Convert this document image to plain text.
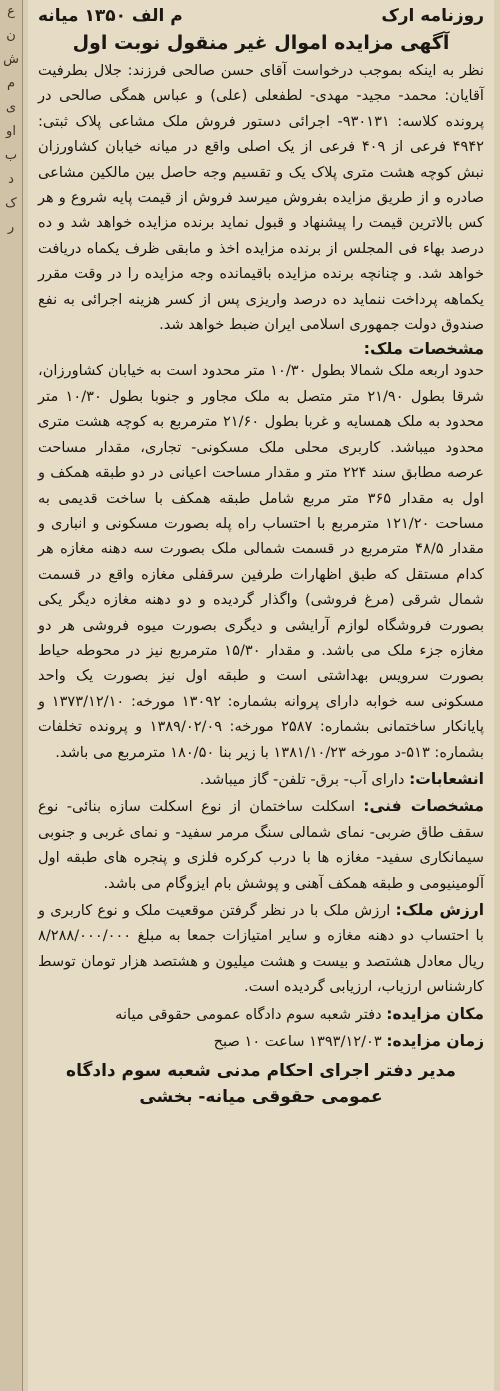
ع
ن
ش
م
ی
او
ب
د
ک
ر
روزنامه ارک
م الف ۱۳۵۰ میانه
آگهی مزایده اموال غیر منقول نوبت اول

نظر به اینکه بموجب درخواست آقای حسن صالحی فرزند: جلال بطرفیت آقایان: محمد- مجید- مهدی- لطفعلی (علی) و عباس همگی صالحی در پرونده کلاسه: ۹۳۰۱۳۱- اجرائی دستور فروش ملک مشاعی پلاک ثبتی: ۴۹۴۲ فرعی از ۴۰۹ فرعی از یک اصلی واقع در میانه خیابان کشاورزان نبش کوچه هشت متری پلاک یک و تقسیم وجه حاصل بین مالکین مشاعی صادره و از طریق مزایده بفروش میرسد فروش از قیمت پایه شروع و هر کس بالاترین قیمت را پیشنهاد و قبول نماید برنده مزایده خواهد شد و ده درصد بهاء فی المجلس از برنده مزایده اخذ و مابقی ظرف یکماه دریافت خواهد شد. و چنانچه برنده مزایده باقیمانده وجه مزایده را در وقت مقرر یکماهه پرداخت ننماید ده درصد واریزی پس از کسر هزینه اجرائی به نفع صندوق دولت جمهوری اسلامی ایران ضبط خواهد شد.

مشخصات ملک:

حدود اربعه ملک شمالا بطول ۱۰/۳۰ متر محدود است به خیابان کشاورزان، شرقا بطول ۲۱/۹۰ متر متصل به ملک مجاور و جنوبا بطول ۱۰/۳۰ متر محدود به ملک همسایه و غربا بطول ۲۱/۶۰ مترمربع به کوچه هشت متری محدود میباشد. کاربری محلی ملک مسکونی- تجاری، مقدار مساحت عرصه مطابق سند ۲۲۴ متر و مقدار مساحت اعیانی در دو طبقه همکف و اول به مقدار ۳۶۵ متر مربع شامل طبقه همکف با ساخت قدیمی به مساحت ۱۲۱/۲۰ مترمربع با احتساب راه پله بصورت مسکونی و انباری و مقدار ۴۸/۵ مترمربع در قسمت شمالی ملک بصورت سه دهنه مغازه هر کدام مستقل که طبق اظهارات طرفین سرقفلی مغازه واقع در قسمت شمال شرقی (مرغ فروشی) واگذار گردیده و دو دهنه مغازه دیگر یکی بصورت فروشگاه لوازم آرایشی و دیگری بصورت میوه فروشی هر دو مغازه جزء ملک می باشد. و مقدار ۱۵/۳۰ مترمربع نیز در محوطه حیاط بصورت سرویس بهداشتی است و طبقه اول نیز بصورت یک واحد مسکونی سه خوابه دارای پروانه بشماره: ۱۳۰۹۲ مورخه: ۱۳۷۳/۱۲/۱۰ و پایانکار ساختمانی بشماره: ۲۵۸۷ مورخه: ۱۳۸۹/۰۲/۰۹ و پرونده تخلفات بشماره: ۵۱۳-د مورخه ۱۳۸۱/۱۰/۲۳ با زیر بنا ۱۸۰/۵۰ مترمربع می باشد.

انشعابات: دارای آب- برق- تلفن- گاز میباشد.

مشخصات فنی: اسکلت ساختمان از نوع اسکلت سازه بنائی- نوع سقف طاق ضربی- نمای شمالی سنگ مرمر سفید- و نمای غربی و جنوبی سیمانکاری سفید- مغازه ها با درب کرکره فلزی و پنجره های طبقه اول آلومینیومی و طبقه همکف آهنی و پوشش بام ایزوگام می باشد.

ارزش ملک: ارزش ملک با در نظر گرفتن موقعیت ملک و نوع کاربری و با احتساب دو دهنه مغازه و سایر امتیازات جمعا به مبلغ ۸/۲۸۸/۰۰۰/۰۰۰ ریال معادل هشتصد و بیست و هشت میلیون و هشتصد هزار تومان توسط کارشناس ارزیاب، ارزیابی گردیده است.

مکان مزایده: دفتر شعبه سوم دادگاه عمومی حقوقی میانه

زمان مزایده: ۱۳۹۳/۱۲/۰۳ ساعت ۱۰ صبح

مدیر دفتر اجرای احکام مدنی شعبه سوم دادگاه عمومی حقوقی میانه- بخشی
